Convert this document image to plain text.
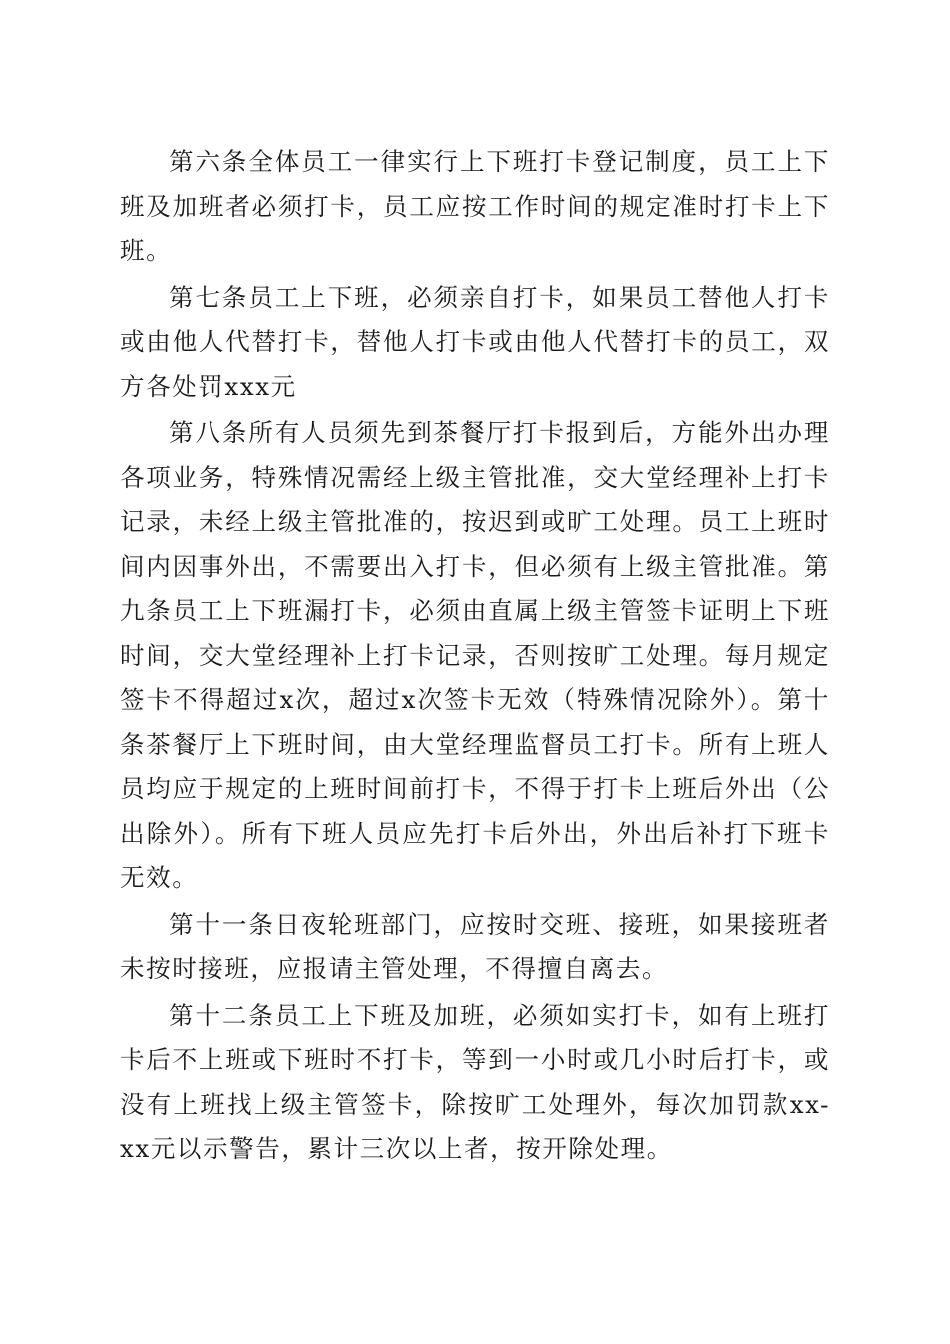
第六条全体员工一律实行上下班打卡登记制度，员工上下班及加班者必须打卡，员工应按工作时间的规定准时打卡上下班。

第七条员工上下班，必须亲自打卡，如果员工替他人打卡或由他人代替打卡，替他人打卡或由他人代替打卡的员工，双方各处罚xxx元

第八条所有人员须先到茶餐厅打卡报到后，方能外出办理各项业务，特殊情况需经上级主管批准，交大堂经理补上打卡记录，未经上级主管批准的，按迟到或旷工处理。员工上班时间内因事外出，不需要出入打卡，但必须有上级主管批准。第九条员工上下班漏打卡，必须由直属上级主管签卡证明上下班时间，交大堂经理补上打卡记录，否则按旷工处理。每月规定签卡不得超过x次，超过x次签卡无效（特殊情况除外）。第十条茶餐厅上下班时间，由大堂经理监督员工打卡。所有上班人员均应于规定的上班时间前打卡，不得于打卡上班后外出（公出除外）。所有下班人员应先打卡后外出，外出后补打下班卡无效。

第十一条日夜轮班部门，应按时交班、接班，如果接班者未按时接班，应报请主管处理，不得擅自离去。

第十二条员工上下班及加班，必须如实打卡，如有上班打卡后不上班或下班时不打卡，等到一小时或几小时后打卡，或没有上班找上级主管签卡，除按旷工处理外，每次加罚款xx-xx元以示警告，累计三次以上者，按开除处理。
